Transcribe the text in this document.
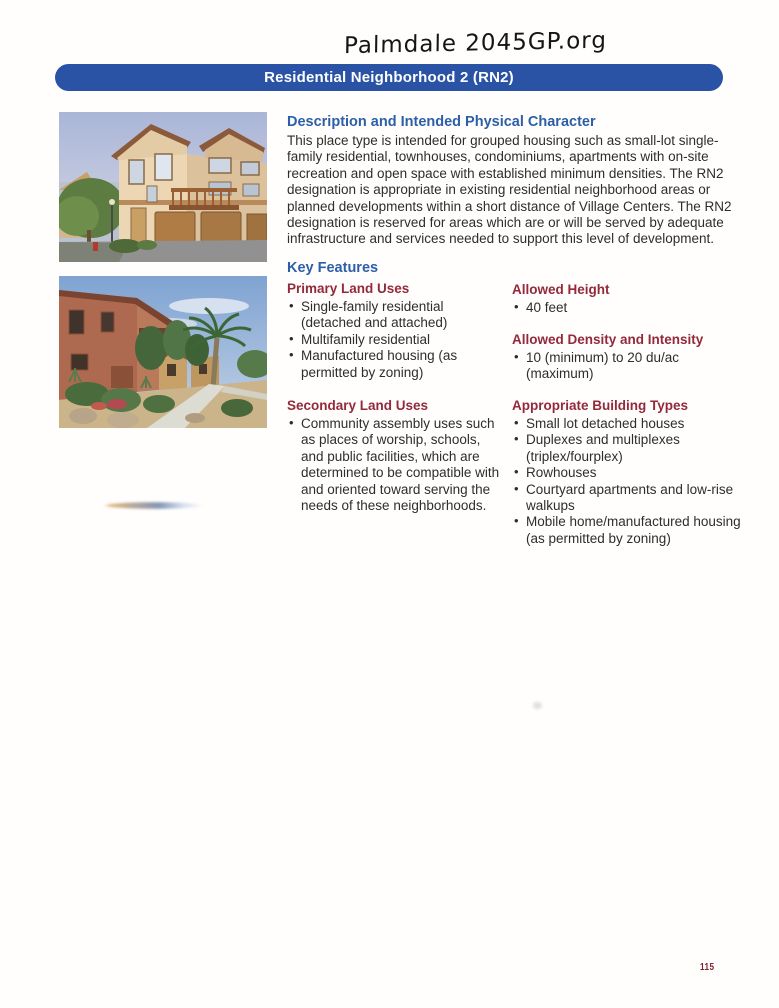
Palmdale 2045GP.org
Residential Neighborhood 2 (RN2)
Description and Intended Physical Character

This place type is intended for grouped housing such as small-lot single-family residential, townhouses, condominiums, apartments with on-site recreation and open space with established minimum densities. The RN2 designation is appropriate in existing residential neighborhood areas or planned developments within a short distance of Village Centers. The RN2 designation is reserved for areas which are or will be served by adequate infrastructure and services needed to support this level of development.

Key Features
Primary Land Uses
• Single-family residential (detached and attached)
• Multifamily residential
• Manufactured housing (as permitted by zoning)
Allowed Height
• 40 feet
Allowed Density and Intensity
• 10 (minimum) to 20 du/ac (maximum)
Secondary Land Uses
• Community assembly uses such as places of worship, schools, and public facilities, which are determined to be compatible with and oriented toward serving the needs of these neighborhoods.
Appropriate Building Types
• Small lot detached houses
• Duplexes and multiplexes (triplex/fourplex)
• Rowhouses
• Courtyard apartments and low-rise walkups
• Mobile home/manufactured housing (as permitted by zoning)
115
